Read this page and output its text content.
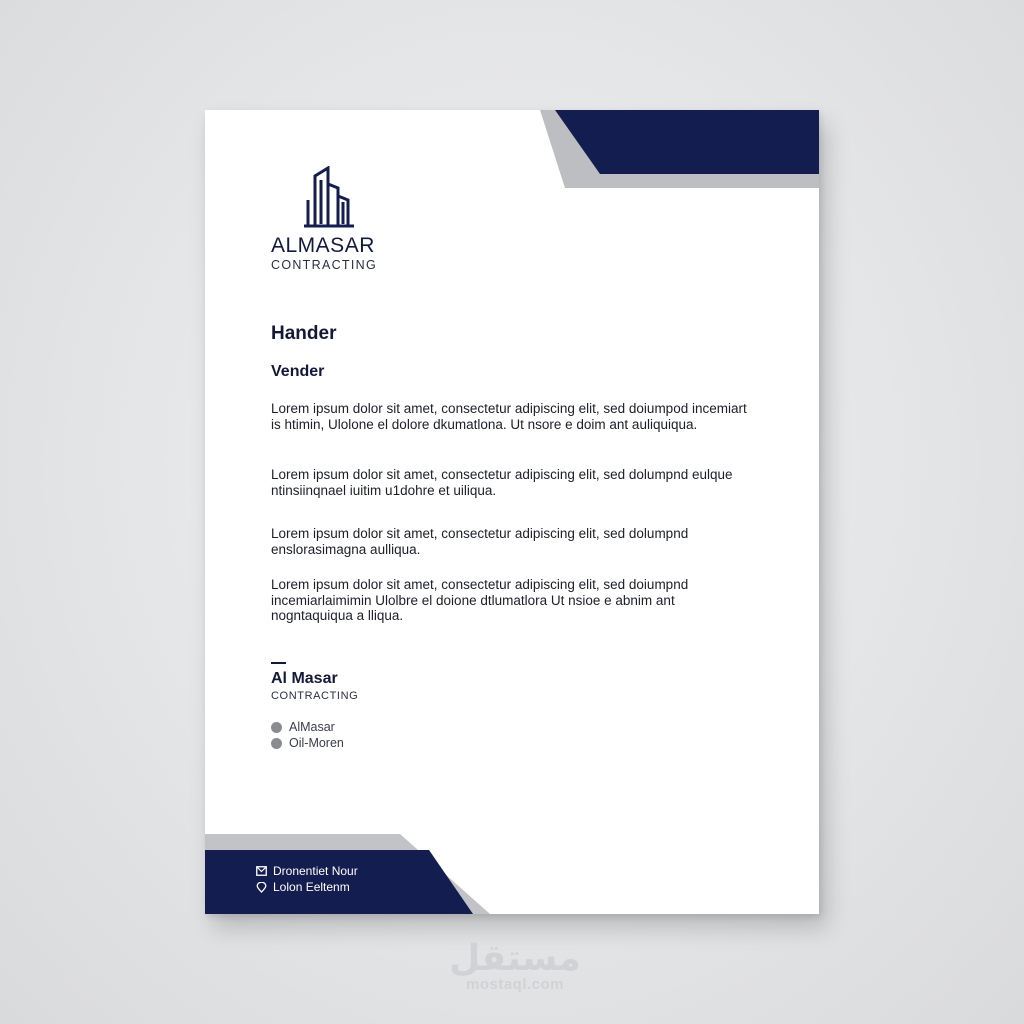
ALMASAR
CONTRACTING
Hander
Vender

Lorem ipsum dolor sit amet, consectetur adipiscing elit, sed doiumpod incemiart is htimin, Ulolone el dolore dkumatlona. Ut nsore e doim ant auliquiqua.

Lorem ipsum dolor sit amet, consectetur adipiscing elit, sed dolumpnd eulque ntinsiinqnael iuitim u1dohre et uiliqua.

Lorem ipsum dolor sit amet, consectetur adipiscing elit, sed dolumpnd enslorasimagna aulliqua.

Lorem ipsum dolor sit amet, consectetur adipiscing elit, sed doiumpnd incemiarlaimimin Ulolbre el doione dtlumatlora Ut nsioe e abnim ant nogntaquiqua a lliqua.

Al Masar
CONTRACTING
AlMasar
Oil-Moren
Dronentiet Nour
Lolon Eeltenm
مستقل
mostaql.com
